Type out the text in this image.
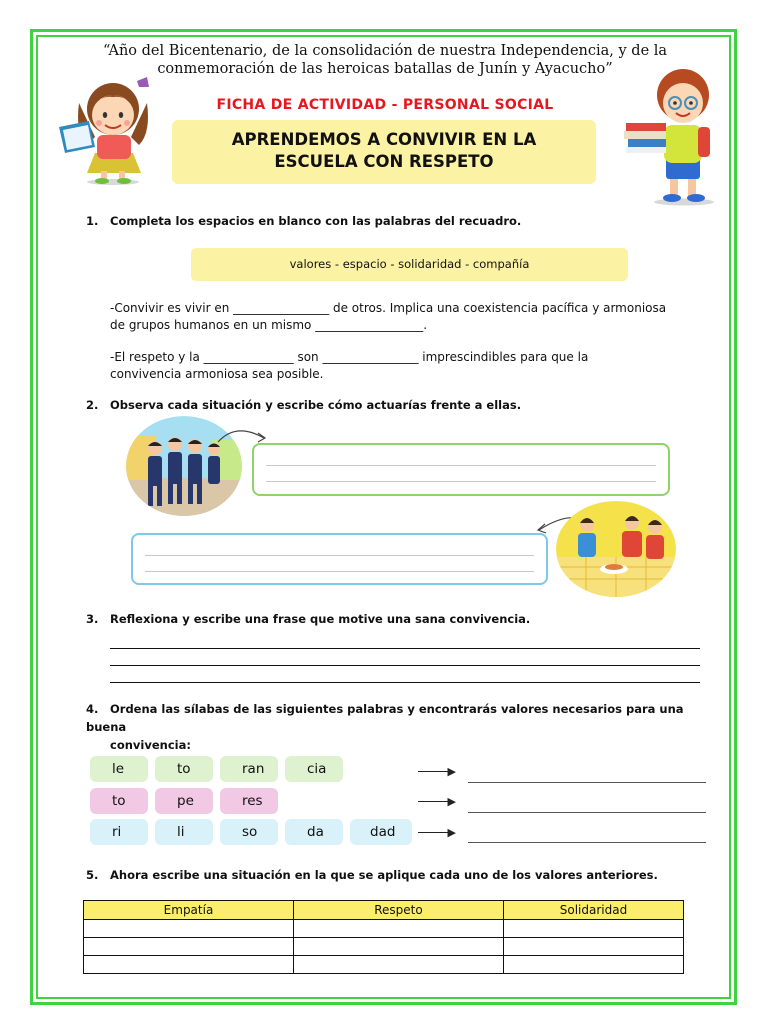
“Año del Bicentenario, de la consolidación de nuestra Independencia, y de la conmemoración de las heroicas batallas de Junín y Ayacucho”
FICHA DE ACTIVIDAD - PERSONAL SOCIAL
APRENDEMOS A CONVIVIR EN LA
ESCUELA CON RESPETO
1. Completa los espacios en blanco con las palabras del recuadro.
valores - espacio - solidaridad - compañía
-Convivir es vivir en ________________ de otros. Implica una coexistencia pacífica y armoniosa
de grupos humanos en un mismo __________________.
-El respeto y la _______________ son ________________ imprescindibles para que la
convivencia armoniosa sea posible.
2. Observa cada situación y escribe cómo actuarías frente a ellas.
3. Reflexiona y escribe una frase que motive una sana convivencia.
4. Ordena las sílabas de las siguientes palabras y encontrarás valores necesarios para una buena
convivencia:
le	to	ran	cia
to	pe	res
ri	li	so	da	dad
▶
▶
▶
5. Ahora escribe una situación en la que se aplique cada uno de los valores anteriores.
Empatía	Respeto	Solidaridad
